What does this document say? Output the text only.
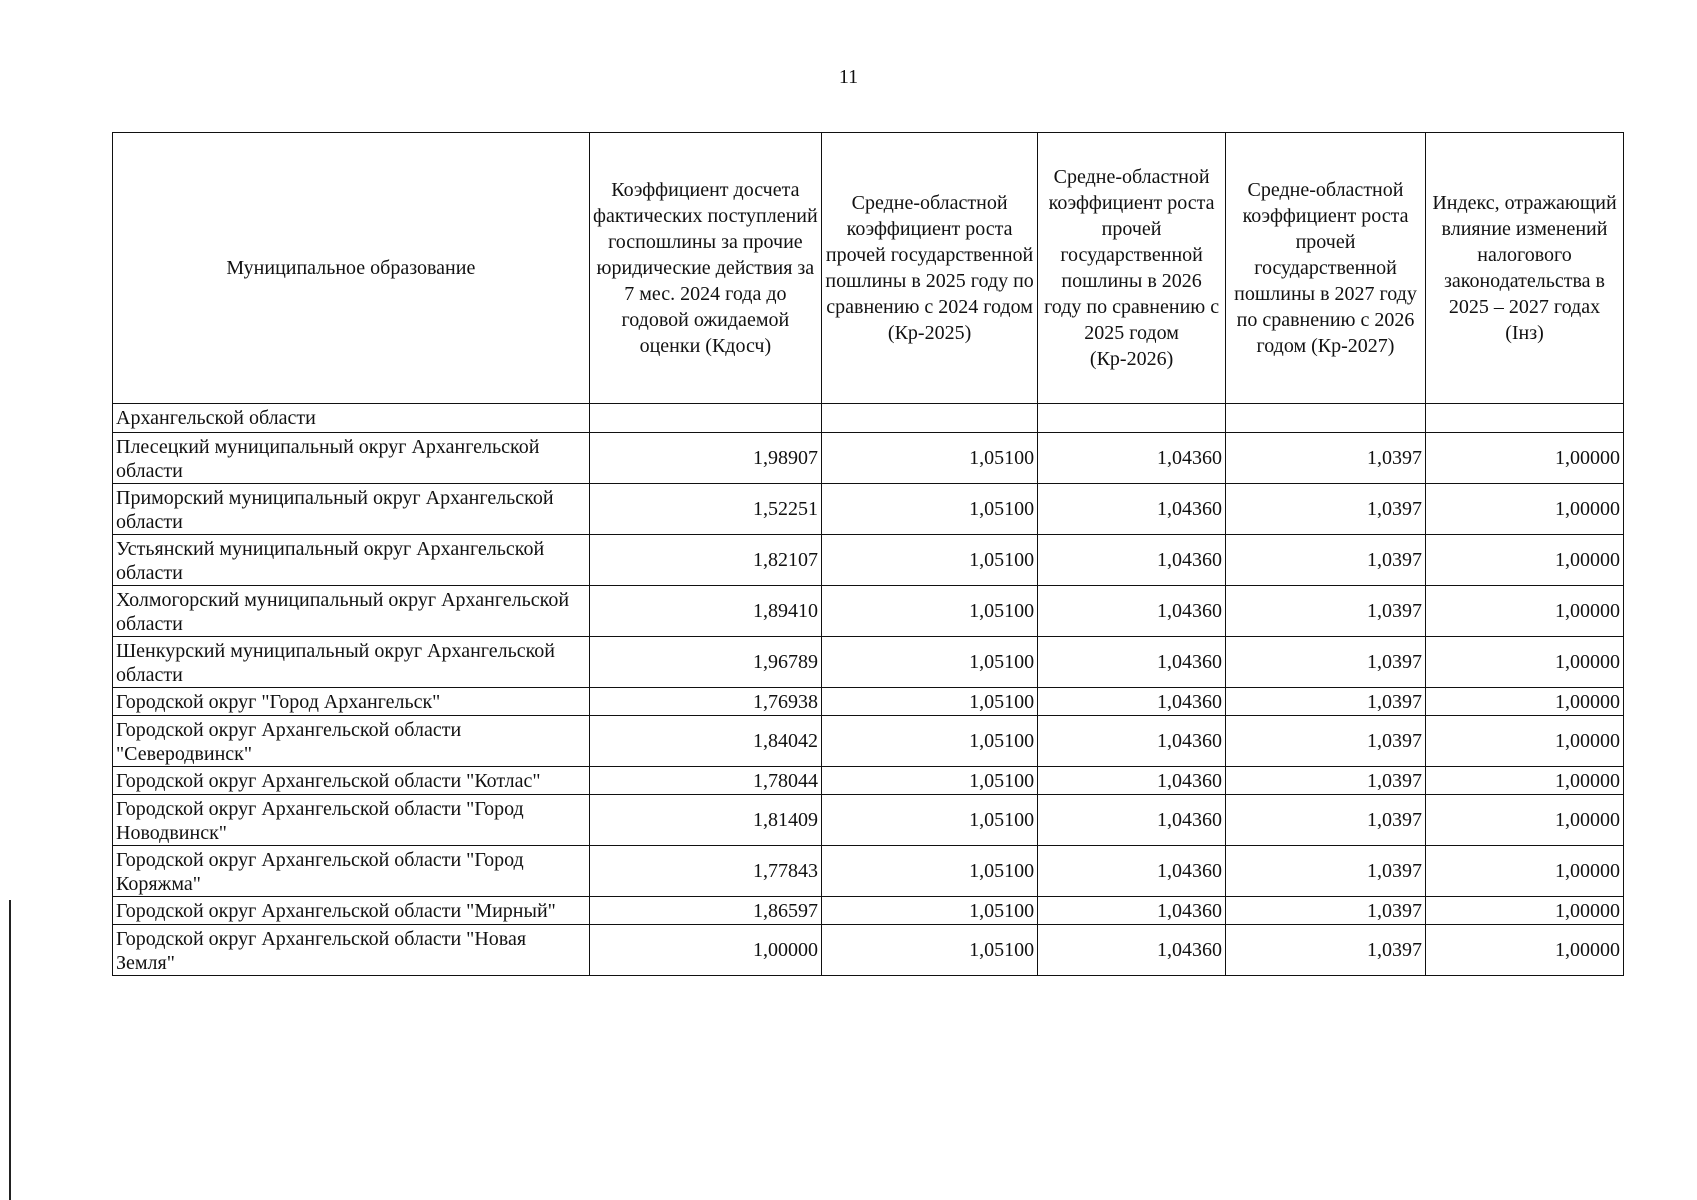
11
Муниципальное образование	Коэффициент досчета фактических поступлений госпошлины за прочие юридические действия за 7 мес. 2024 года до годовой ожидаемой оценки (Кдосч)	Средне-областной коэффициент роста прочей государственной пошлины в 2025 году по сравнению с 2024 годом (Кр-2025)	Средне-областной коэффициент роста прочей государственной пошлины в 2026 году по сравнению с 2025 годом (Кр-2026)	Средне-областной коэффициент роста прочей государственной пошлины в 2027 году по сравнению с 2026 годом (Кр-2027)	Индекс, отражающий влияние изменений налогового законодательства в 2025 – 2027 годах (Інз)
Архангельской области					
Плесецкий муниципальный округ Архангельской области	1,98907	1,05100	1,04360	1,0397	1,00000
Приморский муниципальный округ Архангельской области	1,52251	1,05100	1,04360	1,0397	1,00000
Устьянский муниципальный округ Архангельской области	1,82107	1,05100	1,04360	1,0397	1,00000
Холмогорский муниципальный округ Архангельской области	1,89410	1,05100	1,04360	1,0397	1,00000
Шенкурский муниципальный округ Архангельской области	1,96789	1,05100	1,04360	1,0397	1,00000
Городской округ "Город Архангельск"	1,76938	1,05100	1,04360	1,0397	1,00000
Городской округ Архангельской области "Северодвинск"	1,84042	1,05100	1,04360	1,0397	1,00000
Городской округ Архангельской области "Котлас"	1,78044	1,05100	1,04360	1,0397	1,00000
Городской округ Архангельской области "Город Новодвинск"	1,81409	1,05100	1,04360	1,0397	1,00000
Городской округ Архангельской области "Город Коряжма"	1,77843	1,05100	1,04360	1,0397	1,00000
Городской округ Архангельской области "Мирный"	1,86597	1,05100	1,04360	1,0397	1,00000
Городской округ Архангельской области "Новая Земля"	1,00000	1,05100	1,04360	1,0397	1,00000
